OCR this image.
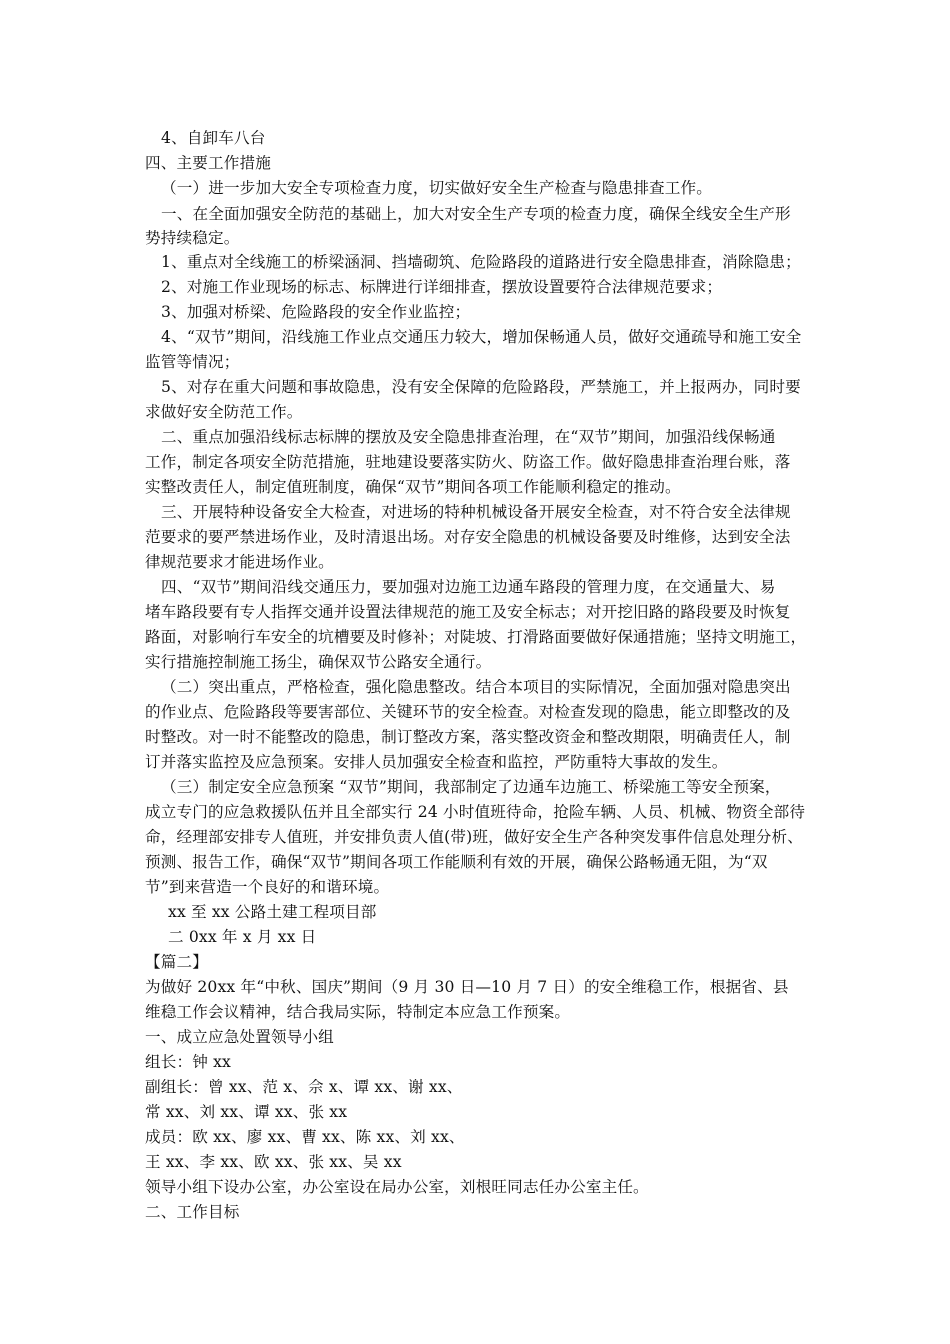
4、自卸车八台
四、主要工作措施
（一）进一步加大安全专项检查力度，切实做好安全生产检查与隐患排查工作。
一、在全面加强安全防范的基础上，加大对安全生产专项的检查力度，确保全线安全生产形
势持续稳定。
1、重点对全线施工的桥梁涵洞、挡墙砌筑、危险路段的道路进行安全隐患排查，消除隐患；
2、对施工作业现场的标志、标牌进行详细排查，摆放设置要符合法律规范要求；
3、加强对桥梁、危险路段的安全作业监控；
4、“双节”期间，沿线施工作业点交通压力较大，增加保畅通人员，做好交通疏导和施工安全
监管等情况；
5、对存在重大问题和事故隐患，没有安全保障的危险路段，严禁施工，并上报两办，同时要
求做好安全防范工作。
二、重点加强沿线标志标牌的摆放及安全隐患排查治理，在“双节”期间，加强沿线保畅通
工作，制定各项安全防范措施，驻地建设要落实防火、防盗工作。做好隐患排查治理台账，落
实整改责任人，制定值班制度，确保“双节”期间各项工作能顺利稳定的推动。
三、开展特种设备安全大检查，对进场的特种机械设备开展安全检查，对不符合安全法律规
范要求的要严禁进场作业，及时清退出场。对存安全隐患的机械设备要及时维修，达到安全法
律规范要求才能进场作业。
四、“双节”期间沿线交通压力，要加强对边施工边通车路段的管理力度，在交通量大、易
堵车路段要有专人指挥交通并设置法律规范的施工及安全标志；对开挖旧路的路段要及时恢复
路面，对影响行车安全的坑槽要及时修补；对陡坡、打滑路面要做好保通措施；坚持文明施工，
实行措施控制施工扬尘，确保双节公路安全通行。
（二）突出重点，严格检查，强化隐患整改。结合本项目的实际情况，全面加强对隐患突出
的作业点、危险路段等要害部位、关键环节的安全检查。对检查发现的隐患，能立即整改的及
时整改。对一时不能整改的隐患，制订整改方案，落实整改资金和整改期限，明确责任人，制
订并落实监控及应急预案。安排人员加强安全检查和监控，严防重特大事故的发生。
（三）制定安全应急预案 “双节”期间，我部制定了边通车边施工、桥梁施工等安全预案，
成立专门的应急救援队伍并且全部实行 24 小时值班待命，抢险车辆、人员、机械、物资全部待
命，经理部安排专人值班，并安排负责人值(带)班，做好安全生产各种突发事件信息处理分析、
预测、报告工作，确保“双节”期间各项工作能顺利有效的开展，确保公路畅通无阻，为“双
节”到来营造一个良好的和谐环境。
xx 至 xx 公路土建工程项目部
二 0xx 年 x 月 xx 日
【篇二】
为做好 20xx 年“中秋、国庆”期间（9 月 30 日—10 月 7 日）的安全维稳工作，根据省、县
维稳工作会议精神，结合我局实际，特制定本应急工作预案。
一、成立应急处置领导小组
组长：钟 xx
副组长：曾 xx、范 x、佘 x、谭 xx、谢 xx、
常 xx、刘 xx、谭 xx、张 xx
成员：欧 xx、廖 xx、曹 xx、陈 xx、刘 xx、
王 xx、李 xx、欧 xx、张 xx、吴 xx
领导小组下设办公室，办公室设在局办公室，刘根旺同志任办公室主任。
二、工作目标
